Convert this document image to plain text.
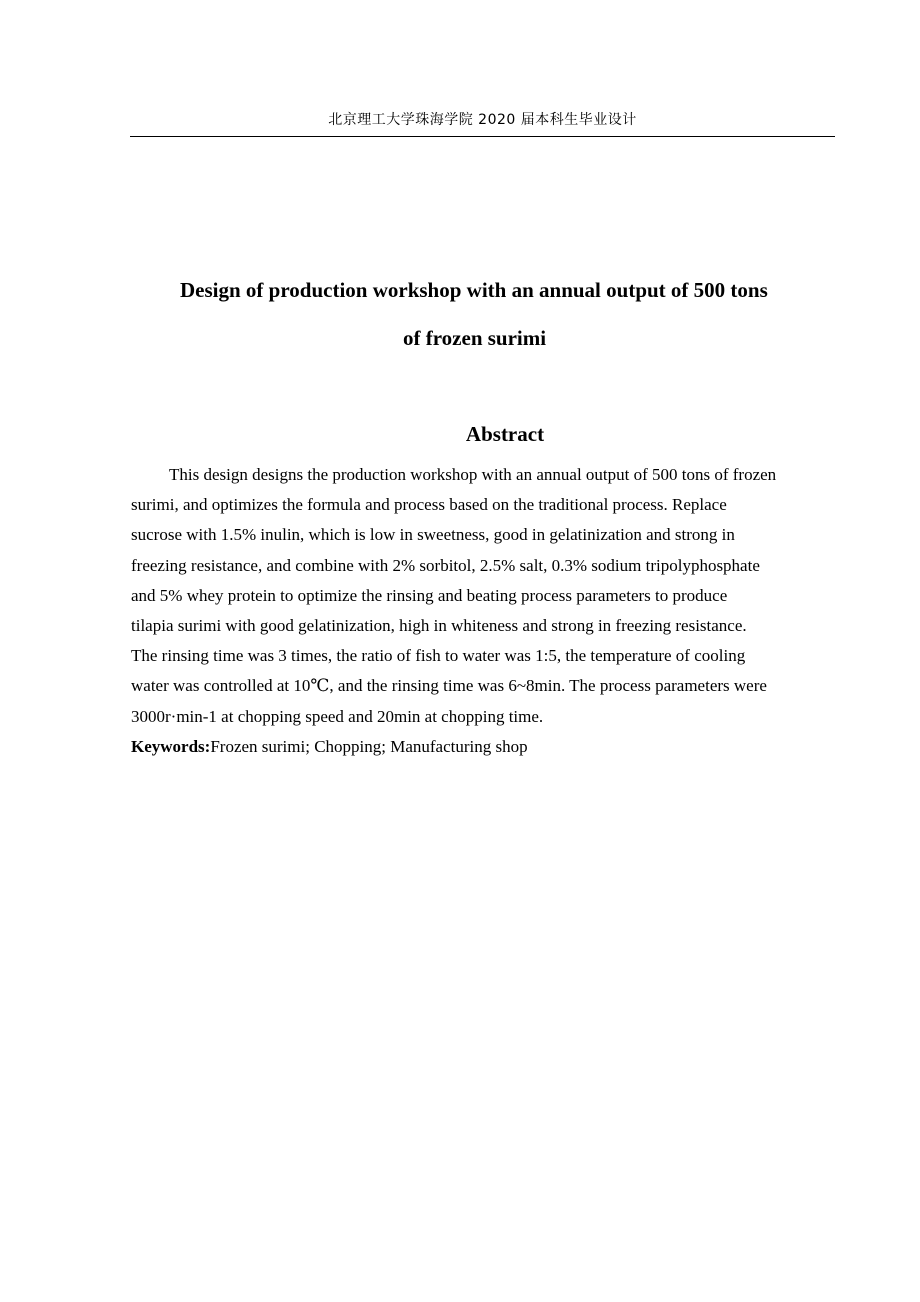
北京理工大学珠海学院 2020 届本科生毕业设计
Design of production workshop with an annual output of 500 tons
of frozen surimi
Abstract
This design designs the production workshop with an annual output of 500 tons of frozen
surimi, and optimizes the formula and process based on the traditional process. Replace
sucrose with 1.5% inulin, which is low in sweetness, good in gelatinization and strong in
freezing resistance, and combine with 2% sorbitol, 2.5% salt, 0.3% sodium tripolyphosphate
and 5% whey protein to optimize the rinsing and beating process parameters to produce
tilapia surimi with good gelatinization, high in whiteness and strong in freezing resistance.
The rinsing time was 3 times, the ratio of fish to water was 1:5, the temperature of cooling
water was controlled at 10℃, and the rinsing time was 6~8min. The process parameters were
3000r·min-1 at chopping speed and 20min at chopping time.
Keywords:Frozen surimi; Chopping; Manufacturing shop
